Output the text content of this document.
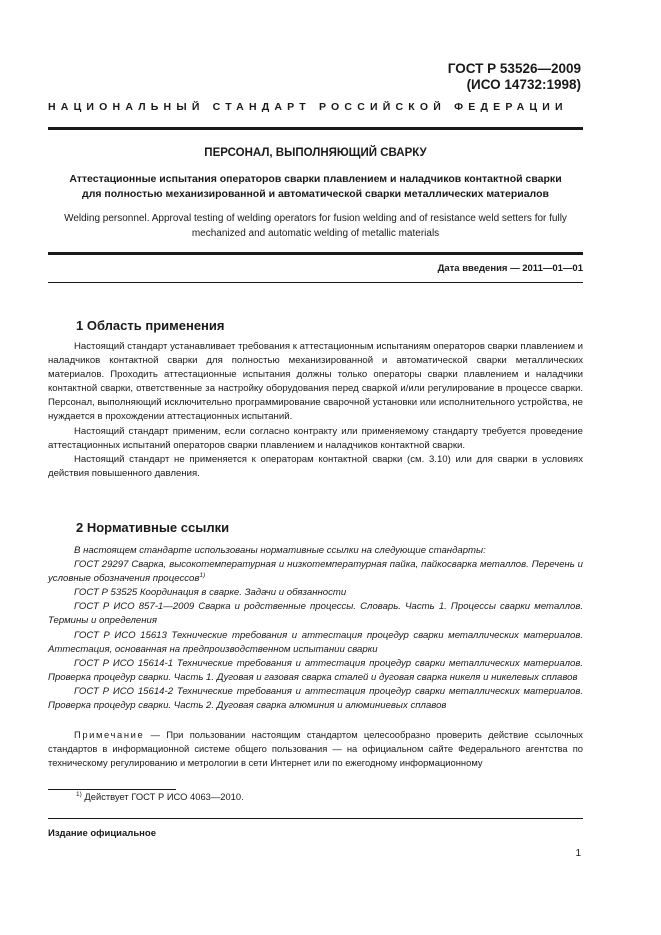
ГОСТ Р 53526—2009
(ИСО 14732:1998)
НАЦИОНАЛЬНЫЙ СТАНДАРТ РОССИЙСКОЙ ФЕДЕРАЦИИ
ПЕРСОНАЛ, ВЫПОЛНЯЮЩИЙ СВАРКУ
Аттестационные испытания операторов сварки плавлением и наладчиков контактной сварки
для полностью механизированной и автоматической сварки металлических материалов
Welding personnel. Approval testing of welding operators for fusion welding and of resistance weld setters for fully
mechanized and automatic welding of metallic materials
Дата введения — 2011—01—01
1 Область применения

Настоящий стандарт устанавливает требования к аттестационным испытаниям операторов сварки плавлением и наладчиков контактной сварки для полностью механизированной и автоматической сварки металлических материалов. Проходить аттестационные испытания должны только операторы сварки плавлением и наладчики контактной сварки, ответственные за настройку оборудования перед сваркой и/или регулирование в процессе сварки. Персонал, выполняющий исключительно программирование сварочной установки или исполнительного устройства, не нуждается в прохождении аттестационных испытаний.

Настоящий стандарт применим, если согласно контракту или применяемому стандарту требуется проведение аттестационных испытаний операторов сварки плавлением и наладчиков контактной сварки.

Настоящий стандарт не применяется к операторам контактной сварки (см. 3.10) или для сварки в условиях действия повышенного давления.

2 Нормативные ссылки

В настоящем стандарте использованы нормативные ссылки на следующие стандарты:

ГОСТ 29297 Сварка, высокотемпературная и низкотемпературная пайка, пайкосварка металлов. Перечень и условные обозначения процессов$^{1)}$

ГОСТ Р 53525 Координация в сварке. Задачи и обязанности

ГОСТ Р ИСО 857-1—2009 Сварка и родственные процессы. Словарь. Часть 1. Процессы сварки металлов. Термины и определения

ГОСТ Р ИСО 15613 Технические требования и аттестация процедур сварки металлических материалов. Аттестация, основанная на предпроизводственном испытании сварки

ГОСТ Р ИСО 15614-1 Технические требования и аттестация процедур сварки металлических материалов. Проверка процедур сварки. Часть 1. Дуговая и газовая сварка сталей и дуговая сварка никеля и никелевых сплавов

ГОСТ Р ИСО 15614-2 Технические требования и аттестация процедур сварки металлических материалов. Проверка процедур сварки. Часть 2. Дуговая сварка алюминия и алюминиевых сплавов

Примечание — При пользовании настоящим стандартом целесообразно проверить действие ссылочных стандартов в информационной системе общего пользования — на официальном сайте Федерального агентства по техническому регулированию и метрологии в сети Интернет или по ежегодному информационному

$^{1)}$ Действует ГОСТ Р ИСО 4063—2010.
Издание официальное
1
